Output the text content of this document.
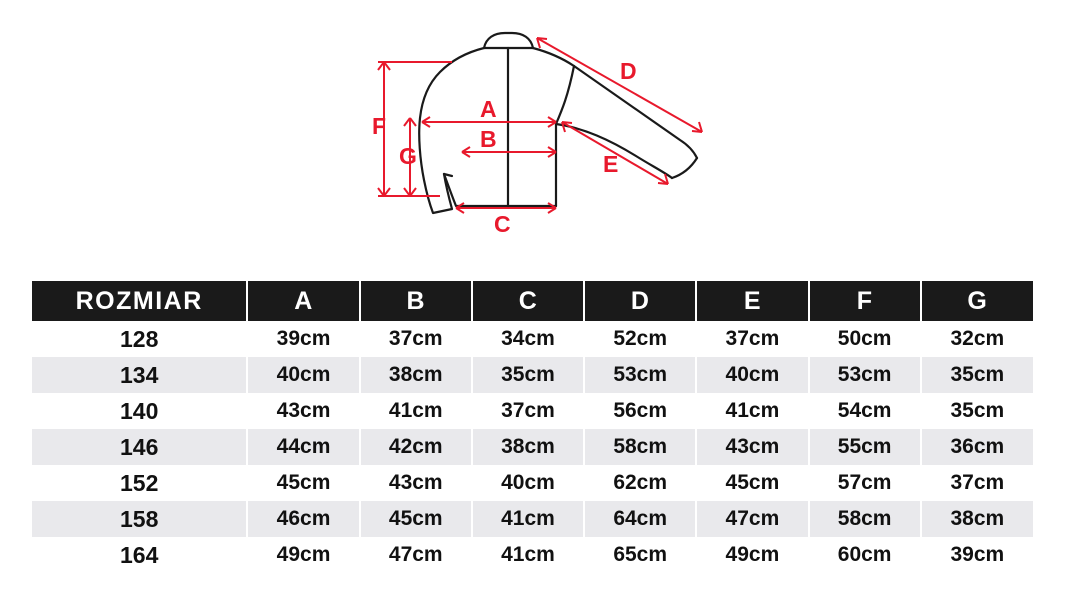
A
B
C
D
E
F
G
ROZMIAR	A	B	C	D	E	F	G
128	39cm	37cm	34cm	52cm	37cm	50cm	32cm
134	40cm	38cm	35cm	53cm	40cm	53cm	35cm
140	43cm	41cm	37cm	56cm	41cm	54cm	35cm
146	44cm	42cm	38cm	58cm	43cm	55cm	36cm
152	45cm	43cm	40cm	62cm	45cm	57cm	37cm
158	46cm	45cm	41cm	64cm	47cm	58cm	38cm
164	49cm	47cm	41cm	65cm	49cm	60cm	39cm
